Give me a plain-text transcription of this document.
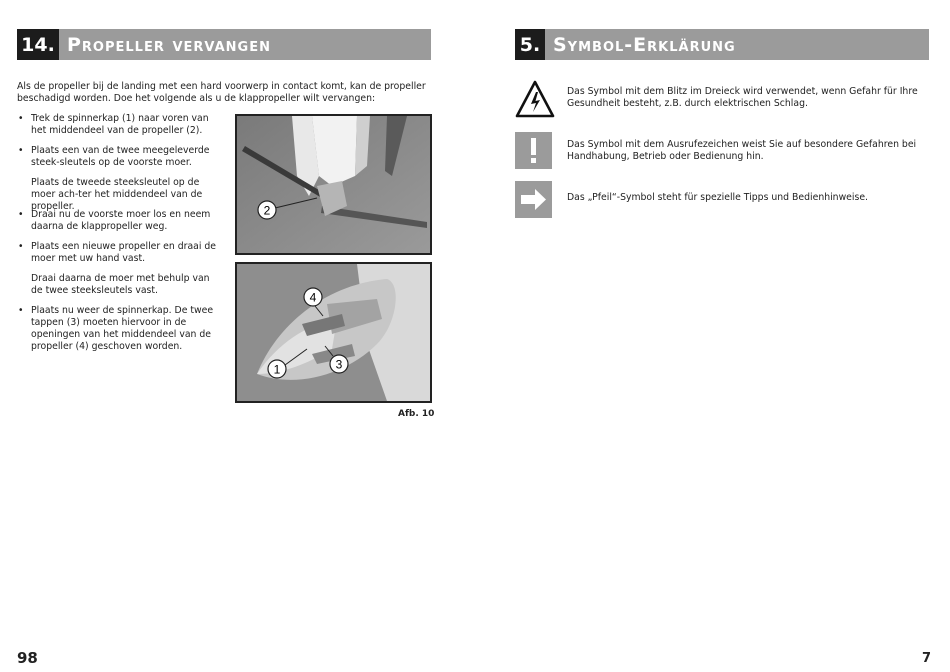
14. Propeller vervangen
Als de propeller bij de landing met een hard voorwerp in contact komt, kan de propeller beschadigd worden. Doe het volgende als u de klappropeller wilt vervangen:
• Trek de spinnerkap (1) naar voren van het middendeel van de propeller (2).
• Plaats een van de twee meegeleverde steek-sleutels op de voorste moer.
Plaats de tweede steeksleutel op de moer ach-ter het middendeel van de propeller.
• Draai nu de voorste moer los en neem daarna de klappropeller weg.
• Plaats een nieuwe propeller en draai de moer met uw hand vast.
Draai daarna de moer met behulp van de twee steeksleutels vast.
• Plaats nu weer de spinnerkap. De twee tappen (3) moeten hiervoor in de openingen van het middendeel van de propeller (4) geschoven worden.
2
4
1	3
Afb. 10
98
5. Symbol-Erklärung
Das Symbol mit dem Blitz im Dreieck wird verwendet, wenn Gefahr für Ihre Gesundheit besteht, z.B. durch elektrischen Schlag.
Das Symbol mit dem Ausrufezeichen weist Sie auf besondere Gefahren bei Handhabung, Betrieb oder Bedienung hin.
Das „Pfeil“-Symbol steht für spezielle Tipps und Bedienhinweise.
7
